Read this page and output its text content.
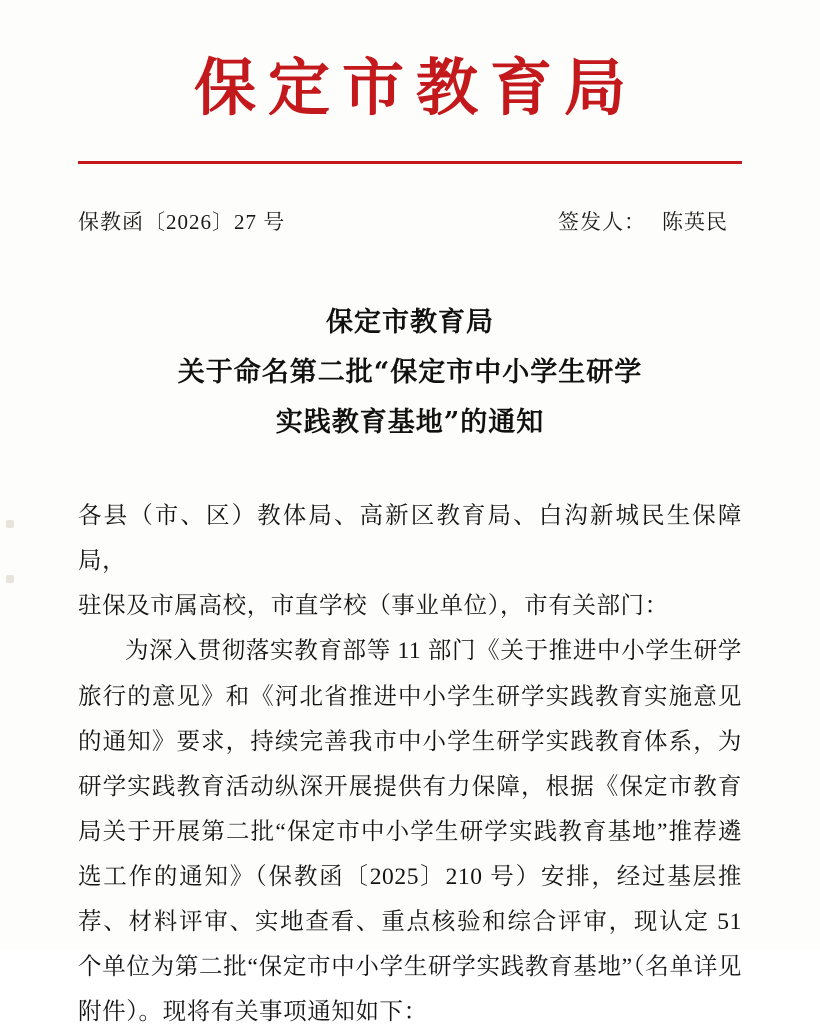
保定市教育局
保教函〔2026〕27 号	签发人： 陈英民
保定市教育局
关于命名第二批“保定市中小学生研学
实践教育基地”的通知

各县（市、区）教体局、高新区教育局、白沟新城民生保障局，

驻保及市属高校，市直学校（事业单位），市有关部门：

为深入贯彻落实教育部等 11 部门《关于推进中小学生研学旅行的意见》和《河北省推进中小学生研学实践教育实施意见的通知》要求，持续完善我市中小学生研学实践教育体系，为研学实践教育活动纵深开展提供有力保障，根据《保定市教育局关于开展第二批“保定市中小学生研学实践教育基地”推荐遴选工作的通知》（保教函〔2025〕210 号）安排，经过基层推荐、材料评审、实地查看、重点核验和综合评审，现认定 51 个单位为第二批“保定市中小学生研学实践教育基地”（名单详见附件）。现将有关事项通知如下：
